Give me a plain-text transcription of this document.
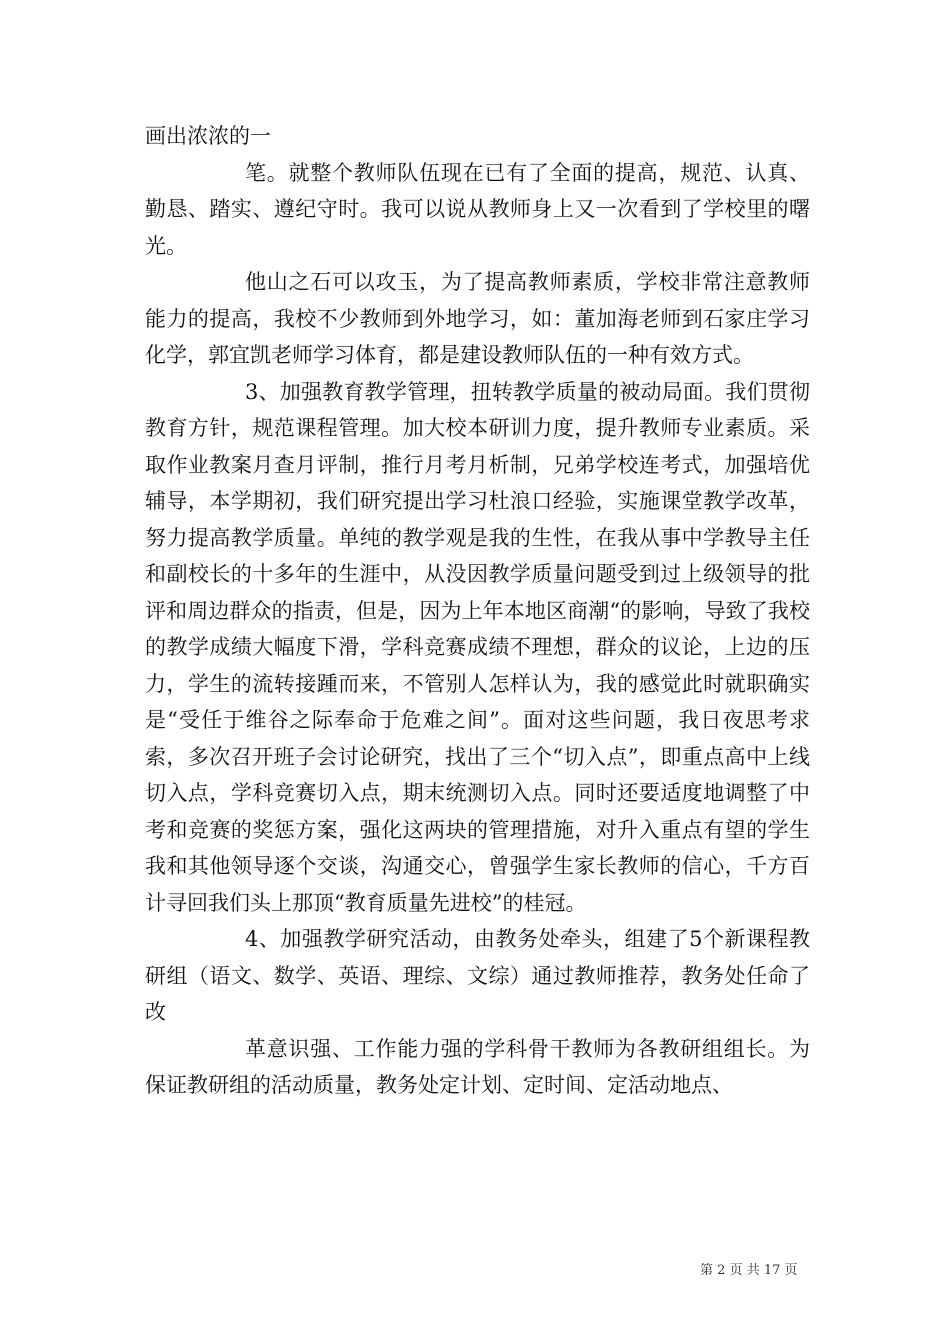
画出浓浓的一

笔。就整个教师队伍现在已有了全面的提高，规范、认真、勤恳、踏实、遵纪守时。我可以说从教师身上又一次看到了学校里的曙光。

他山之石可以攻玉，为了提高教师素质，学校非常注意教师能力的提高，我校不少教师到外地学习，如：董加海老师到石家庄学习化学，郭宜凯老师学习体育，都是建设教师队伍的一种有效方式。

3、加强教育教学管理，扭转教学质量的被动局面。我们贯彻教育方针，规范课程管理。加大校本研训力度，提升教师专业素质。采取作业教案月查月评制，推行月考月析制，兄弟学校连考式，加强培优辅导，本学期初，我们研究提出学习杜浪口经验，实施课堂教学改革，努力提高教学质量。单纯的教学观是我的生性，在我从事中学教导主任和副校长的十多年的生涯中，从没因教学质量问题受到过上级领导的批评和周边群众的指责，但是，因为上年本地区商潮“的影响，导致了我校的教学成绩大幅度下滑，学科竞赛成绩不理想，群众的议论，上边的压力，学生的流转接踵而来，不管别人怎样认为，我的感觉此时就职确实是“受任于维谷之际奉命于危难之间”。面对这些问题，我日夜思考求索，多次召开班子会讨论研究，找出了三个“切入点”，即重点高中上线切入点，学科竞赛切入点，期末统测切入点。同时还要适度地调整了中考和竞赛的奖惩方案，强化这两块的管理措施，对升入重点有望的学生我和其他领导逐个交谈，沟通交心，曾强学生家长教师的信心，千方百计寻回我们头上那顶“教育质量先进校”的桂冠。

4、加强教学研究活动，由教务处牵头，组建了5个新课程教研组（语文、数学、英语、理综、文综）通过教师推荐，教务处任命了改

革意识强、工作能力强的学科骨干教师为各教研组组长。为保证教研组的活动质量，教务处定计划、定时间、定活动地点、

第 2 页 共 17 页
